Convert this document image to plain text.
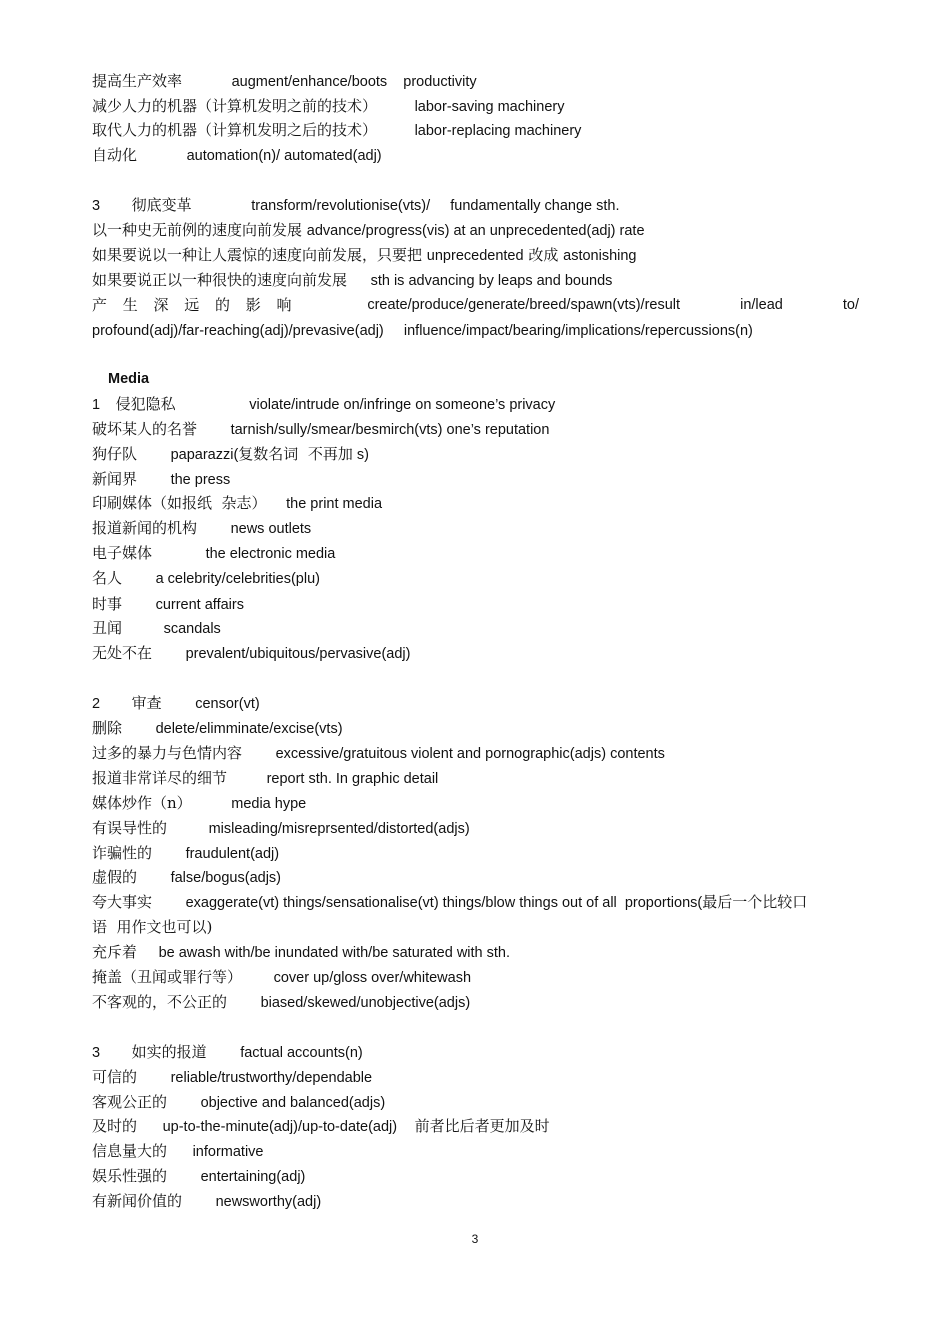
提高生产效率	augment/enhance/boots    productivity
减少人力的机器（计算机发明之前的技术）	labor-saving machinery
取代人力的机器（计算机发明之后的技术）	labor-replacing machinery
自动化	automation(n)/ automated(adj)
3 彻底变革	transform/revolutionise(vts)/     fundamentally change sth.
以一种史无前例的速度向前发展 advance/progress(vis) at an unprecedented(adj) rate
如果要说以一种让人震惊的速度向前发展，只要把 unprecedented 改成 astonishing
如果要说正以一种很快的速度向前发展 sth is advancing by leaps and bounds
产生深远的影响	create/produce/generate/breed/spawn(vts)/result	in/lead	to/
profound(adj)/far-reaching(adj)/prevasive(adj)     influence/impact/bearing/implications/repercussions(n)
Media
1 侵犯隐私	violate/intrude on/infringe on someone’s privacy
破坏某人的名誉 tarnish/sully/smear/besmirch(vts) one’s reputation
狗仔队 paparazzi(复数名词  不再加 s)
新闻界 the press
印刷媒体（如报纸  杂志） the print media
报道新闻的机构 news outlets
电子媒体	the electronic media
名人 a celebrity/celebrities(plu)
时事 current affairs
丑闻	scandals
无处不在 prevalent/ubiquitous/pervasive(adj)
2 审查 censor(vt)
删除 delete/elimminate/excise(vts)
过多的暴力与色情内容 excessive/gratuitous violent and pornographic(adjs) contents
报道非常详尽的细节	report sth. In graphic detail
媒体炒作（n）	media hype
有误导性的	misleading/misreprsented/distorted(adjs)
诈骗性的 fraudulent(adj)
虚假的 false/bogus(adjs)
夸大事实 exaggerate(vt) things/sensationalise(vt) things/blow things out of all  proportions(最后一个比较口
语  用作文也可以)
充斥着 be awash with/be inundated with/be saturated with sth.
掩盖（丑闻或罪行等） cover up/gloss over/whitewash
不客观的，不公正的 biased/skewed/unobjective(adjs)
3 如实的报道 factual accounts(n)
可信的 reliable/trustworthy/dependable
客观公正的 objective and balanced(adjs)
及时的 up-to-the-minute(adj)/up-to-date(adj) 前者比后者更加及时
信息量大的 informative
娱乐性强的 entertaining(adj)
有新闻价值的 newsworthy(adj)
3
